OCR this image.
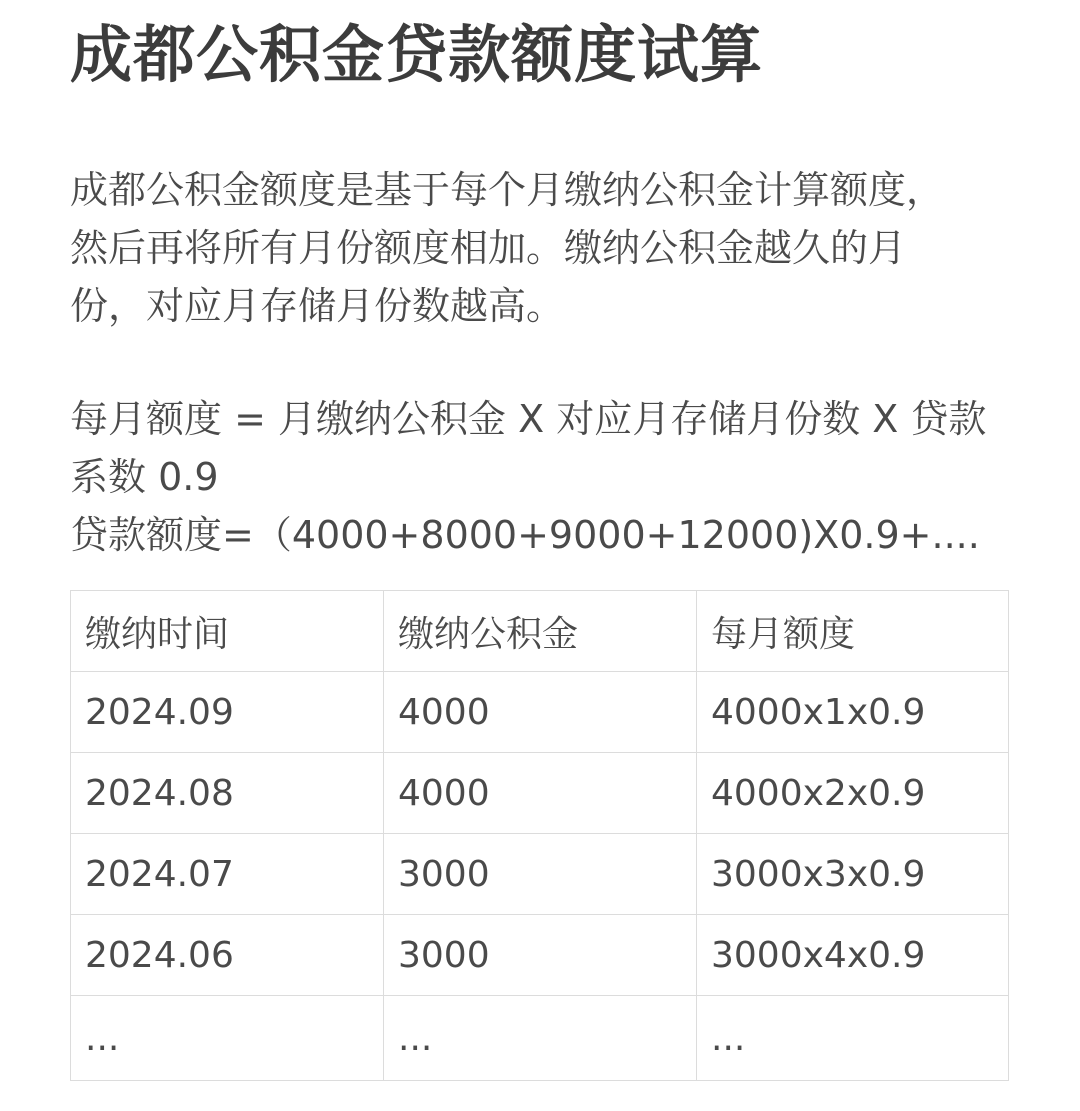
成都公积金贷款额度试算

成都公积金额度是基于每个月缴纳公积金计算额度，

然后再将所有月份额度相加。缴纳公积金越久的月

份，对应月存储月份数越高。

每月额度 = 月缴纳公积金 X 对应月存储月份数 X 贷款

系数 0.9

贷款额度=（4000+8000+9000+12000)X0.9+....

缴纳时间	缴纳公积金	每月额度
2024.09	4000	4000x1x0.9
2024.08	4000	4000x2x0.9
2024.07	3000	3000x3x0.9
2024.06	3000	3000x4x0.9
...	...	...
